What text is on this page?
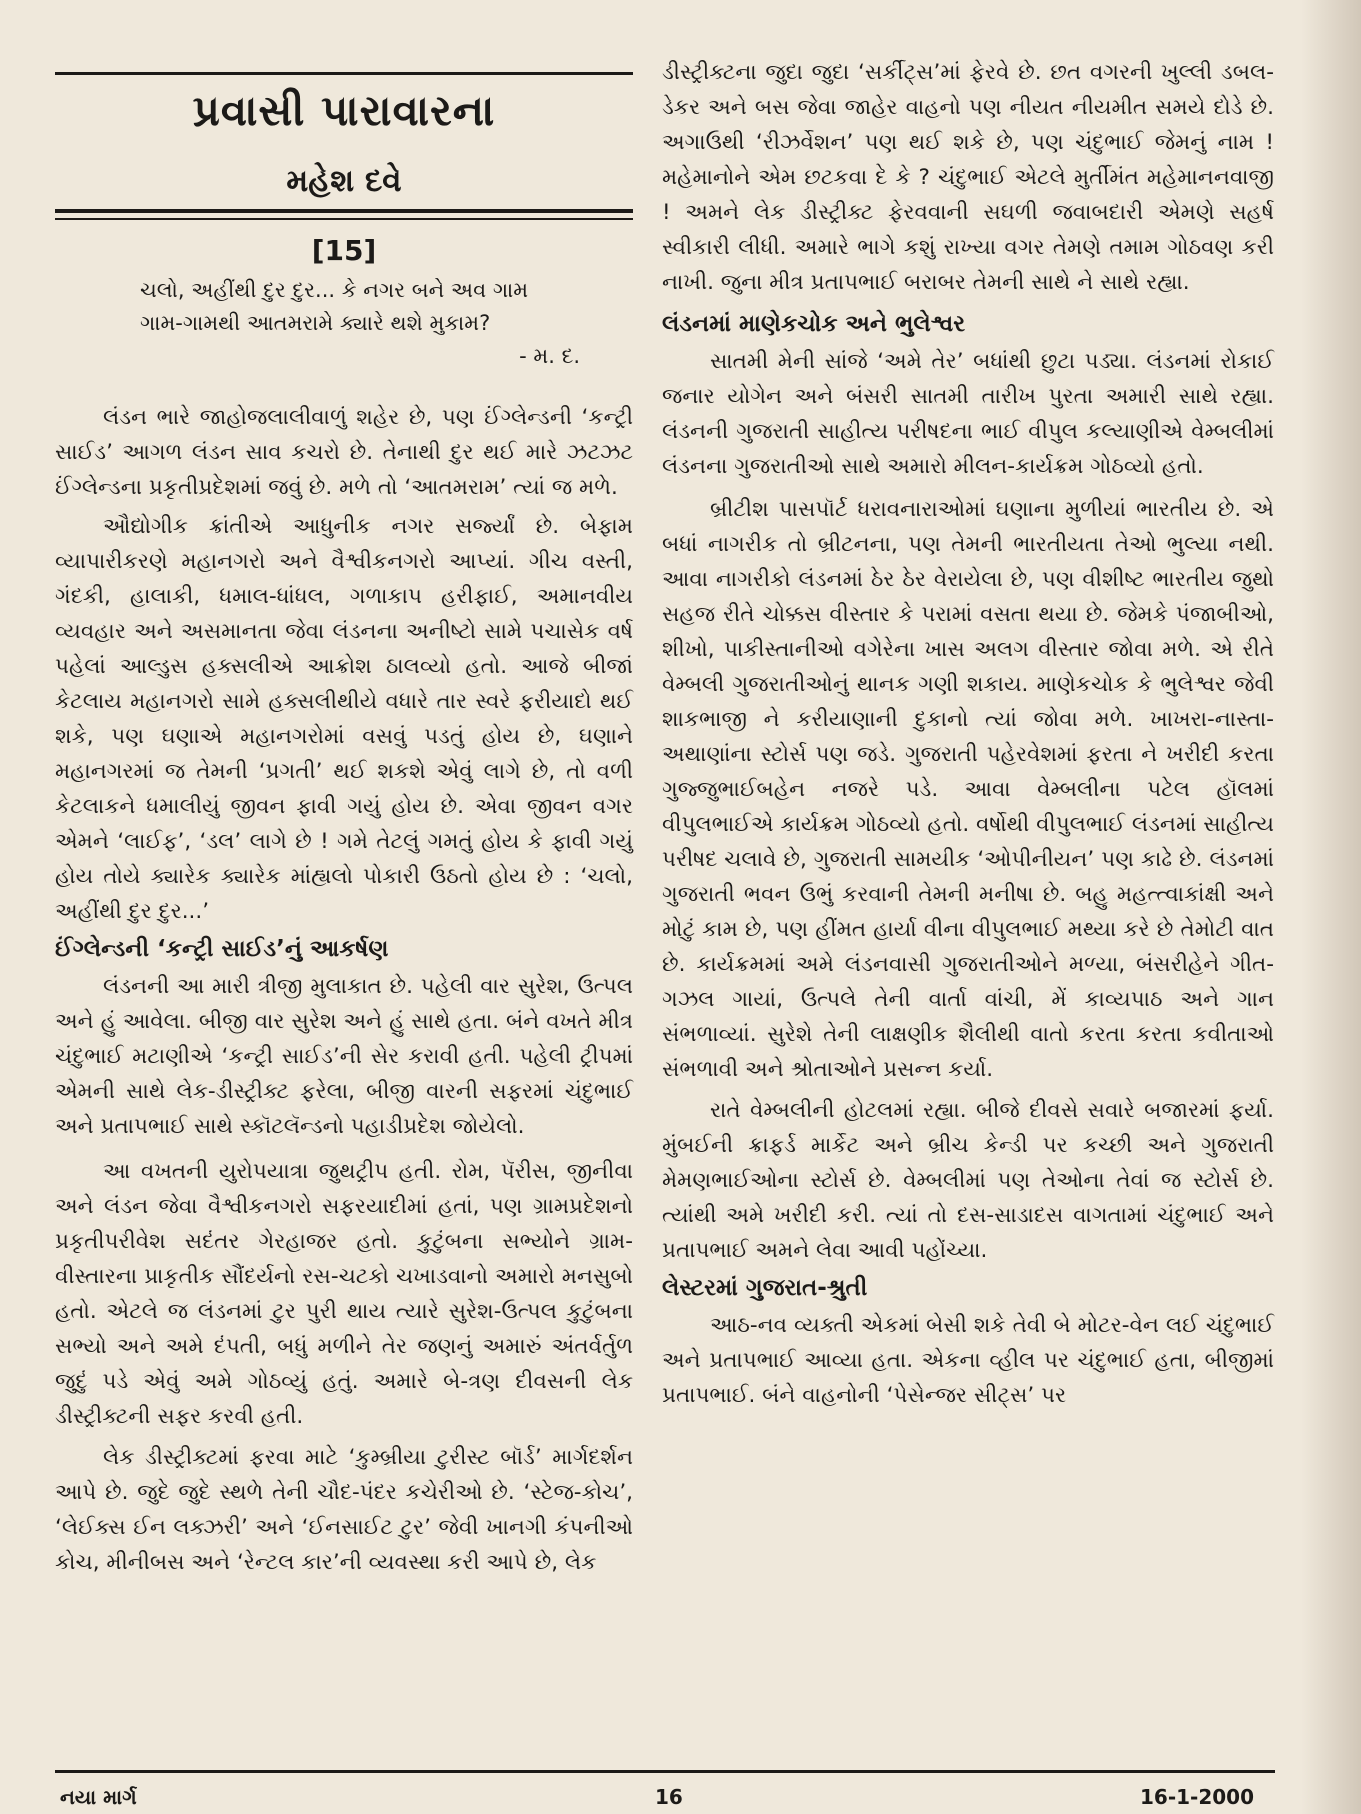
પ્રવાસી પારાવારના
મહેશ દવે
[15]
ચલો, અહીંથી દુર દુર... કે નગર બને અવ ગામ
ગામ-ગામથી આતમરામે ક્યારે થશે મુકામ?
- મ. દ.

લંડન ભારે જાહોજલાલીવાળું શહેર છે, પણ ઈંગ્લેન્ડની ‘કન્ટ્રી સાઈડ’ આગળ લંડન સાવ કચરો છે. તેનાથી દુર થઈ મારે ઝટઝટ ઈંગ્લેન્ડના પ્રકૃતીપ્રદેશમાં જવું છે. મળે તો ‘આતમરામ’ ત્યાં જ મળે.

ઔદ્યોગીક ક્રાંતીએ આધુનીક નગર સર્જ્યાં છે. બેફામ વ્યાપારીકરણે મહાનગરો અને વૈશ્વીકનગરો આપ્યાં. ગીચ વસ્તી, ગંદકી, હાલાકી, ધમાલ-ધાંધલ, ગળાકાપ હરીફાઈ, અમાનવીય વ્યવહાર અને અસમાનતા જેવા લંડનના અનીષ્ટો સામે પચાસેક વર્ષ પહેલાં આલ્ડુસ હક્સલીએ આક્રોશ ઠાલવ્યો હતો. આજે બીજાં કેટલાય મહાનગરો સામે હક્સલીથીયે વધારે તાર સ્વરે ફરીયાદો થઈ શકે, પણ ઘણાએ મહાનગરોમાં વસવું પડતું હોય છે, ઘણાને મહાનગરમાં જ તેમની ‘પ્રગતી’ થઈ શકશે એવું લાગે છે, તો વળી કેટલાકને ધમાલીયું જીવન ફાવી ગયું હોય છે. એવા જીવન વગર એમને ‘લાઈફ’, ‘ડલ’ લાગે છે ! ગમે તેટલું ગમતું હોય કે ફાવી ગયું હોય તોયે ક્યારેક ક્યારેક માંહ્યલો પોકારી ઉઠતો હોય છે : ‘ચલો, અહીંથી દુર દુર...’

ઈંગ્લેન્ડની ‘કન્ટ્રી સાઈડ’નું આકર્ષણ

લંડનની આ મારી ત્રીજી મુલાકાત છે. પહેલી વાર સુરેશ, ઉત્પલ અને હું આવેલા. બીજી વાર સુરેશ અને હું સાથે હતા. બંને વખતે મીત્ર ચંદુભાઈ મટાણીએ ‘કન્ટ્રી સાઈડ’ની સેર કરાવી હતી. પહેલી ટ્રીપમાં એમની સાથે લેક-ડીસ્ટ્રીક્ટ ફરેલા, બીજી વારની સફરમાં ચંદુભાઈ અને પ્રતાપભાઈ સાથે સ્કૉટલૅન્ડનો પહાડીપ્રદેશ જોયેલો.

આ વખતની યુરોપયાત્રા જુથટ્રીપ હતી. રોમ, પૅરીસ, જીનીવા અને લંડન જેવા વૈશ્વીકનગરો સફરયાદીમાં હતાં, પણ ગ્રામપ્રદેશનો પ્રકૃતીપરીવેશ સદંતર ગેરહાજર હતો. કુટુંબના સભ્યોને ગ્રામ-વીસ્તારના પ્રાકૃતીક સૌંદર્યનો રસ-ચટકો ચખાડવાનો અમારો મનસુબો હતો. એટલે જ લંડનમાં ટુર પુરી થાય ત્યારે સુરેશ-ઉત્પલ કુટુંબના સભ્યો અને અમે દંપતી, બધું મળીને તેર જણનું અમારું અંતર્વર્તુળ જુદું પડે એવું અમે ગોઠવ્યું હતું. અમારે બે-ત્રણ દીવસની લેક ડીસ્ટ્રીક્ટની સફર કરવી હતી.

લેક ડીસ્ટ્રીક્ટમાં ફરવા માટે ‘કુમ્બ્રીયા ટુરીસ્ટ બૉર્ડ’ માર્ગદર્શન આપે છે. જુદે જુદે સ્થળે તેની ચૌદ-પંદર કચેરીઓ છે. ‘સ્ટેજ-કોચ’, ‘લેઈક્સ ઈન લક્ઝરી’ અને ‘ઈનસાઈટ ટુર’ જેવી ખાનગી કંપનીઓ કોચ, મીનીબસ અને ‘રેન્ટલ કાર’ની વ્યવસ્થા કરી આપે છે, લેક

ડીસ્ટ્રીક્ટના જુદા જુદા ‘સર્કીટ્સ’માં ફેરવે છે. છત વગરની ખુલ્લી ડબલ-ડેકર અને બસ જેવા જાહેર વાહનો પણ નીયત નીયમીત સમયે દોડે છે. અગાઉથી ‘રીઝર્વેશન’ પણ થઈ શકે છે, પણ ચંદુભાઈ જેમનું નામ ! મહેમાનોને એમ છટકવા દે કે ? ચંદુભાઈ એટલે મુર્તીમંત મહેમાનનવાજી ! અમને લેક ડીસ્ટ્રીક્ટ ફેરવવાની સઘળી જવાબદારી એમણે સહર્ષ સ્વીકારી લીધી. અમારે ભાગે કશું રાખ્યા વગર તેમણે તમામ ગોઠવણ કરી નાખી. જુના મીત્ર પ્રતાપભાઈ બરાબર તેમની સાથે ને સાથે રહ્યા.

લંડનમાં માણેકચોક અને ભુલેશ્વર

સાતમી મેની સાંજે ‘અમે તેર’ બધાંથી છુટા પડ્યા. લંડનમાં રોકાઈ જનાર યોગેન અને બંસરી સાતમી તારીખ પુરતા અમારી સાથે રહ્યા. લંડનની ગુજરાતી સાહીત્ય પરીષદના ભાઈ વીપુલ કલ્યાણીએ વેમ્બલીમાં લંડનના ગુજરાતીઓ સાથે અમારો મીલન-કાર્યક્રમ ગોઠવ્યો હતો.

બ્રીટીશ પાસપૉર્ટ ધરાવનારાઓમાં ઘણાના મુળીયાં ભારતીય છે. એ બધાં નાગરીક તો બ્રીટનના, પણ તેમની ભારતીયતા તેઓ ભુલ્યા નથી. આવા નાગરીકો લંડનમાં ઠેર ઠેર વેરાયેલા છે, પણ વીશીષ્ટ ભારતીય જુથો સહજ રીતે ચોક્કસ વીસ્તાર કે પરામાં વસતા થયા છે. જેમકે પંજાબીઓ, શીખો, પાકીસ્તાનીઓ વગેરેના ખાસ અલગ વીસ્તાર જોવા મળે. એ રીતે વેમ્બલી ગુજરાતીઓનું થાનક ગણી શકાય. માણેકચોક કે ભુલેશ્વર જેવી શાકભાજી ને કરીયાણાની દુકાનો ત્યાં જોવા મળે. ખાખરા-નાસ્તા-અથાણાંના સ્ટોર્સ પણ જડે. ગુજરાતી પહેરવેશમાં ફરતા ને ખરીદી કરતા ગુજ્જુભાઈબહેન નજરે પડે. આવા વેમ્બલીના પટેલ હૉલમાં વીપુલભાઈએ કાર્યક્રમ ગોઠવ્યો હતો. વર્ષોથી વીપુલભાઈ લંડનમાં સાહીત્ય પરીષદ ચલાવે છે, ગુજરાતી સામયીક ‘ઓપીનીયન’ પણ કાઢે છે. લંડનમાં ગુજરાતી ભવન ઉભું કરવાની તેમની મનીષા છે. બહુ મહત્ત્વાકાંક્ષી અને મોટું કામ છે, પણ હીંમત હાર્યા વીના વીપુલભાઈ મથ્યા કરે છે તેમોટી વાત છે. કાર્યક્રમમાં અમે લંડનવાસી ગુજરાતીઓને મળ્યા, બંસરીહેને ગીત-ગઝલ ગાયાં, ઉત્પલે તેની વાર્તા વાંચી, મેં કાવ્યપાઠ અને ગાન સંભળાવ્યાં. સુરેશે તેની લાક્ષણીક શૈલીથી વાતો કરતા કરતા કવીતાઓ સંભળાવી અને શ્રોતાઓને પ્રસન્ન કર્યા.

રાતે વેમ્બલીની હોટલમાં રહ્યા. બીજે દીવસે સવારે બજારમાં ફર્યા. મુંબઈની ક્રાફર્ડ માર્કેટ અને બ્રીચ કેન્ડી પર કચ્છી અને ગુજરાતી મેમણભાઈઓના સ્ટોર્સ છે. વેમ્બલીમાં પણ તેઓના તેવાં જ સ્ટોર્સ છે. ત્યાંથી અમે ખરીદી કરી. ત્યાં તો દસ-સાડાદસ વાગતામાં ચંદુભાઈ અને પ્રતાપભાઈ અમને લેવા આવી પહોંચ્યા.

લેસ્ટરમાં ગુજરાત-શ્રુતી

આઠ-નવ વ્યક્તી એકમાં બેસી શકે તેવી બે મોટર-વેન લઈ ચંદુભાઈ અને પ્રતાપભાઈ આવ્યા હતા. એકના વ્હીલ પર ચંદુભાઈ હતા, બીજીમાં પ્રતાપભાઈ. બંને વાહનોની ‘પેસેન્જર સીટ્સ’ પર

નયા માર્ગ	16	16-1-2000
